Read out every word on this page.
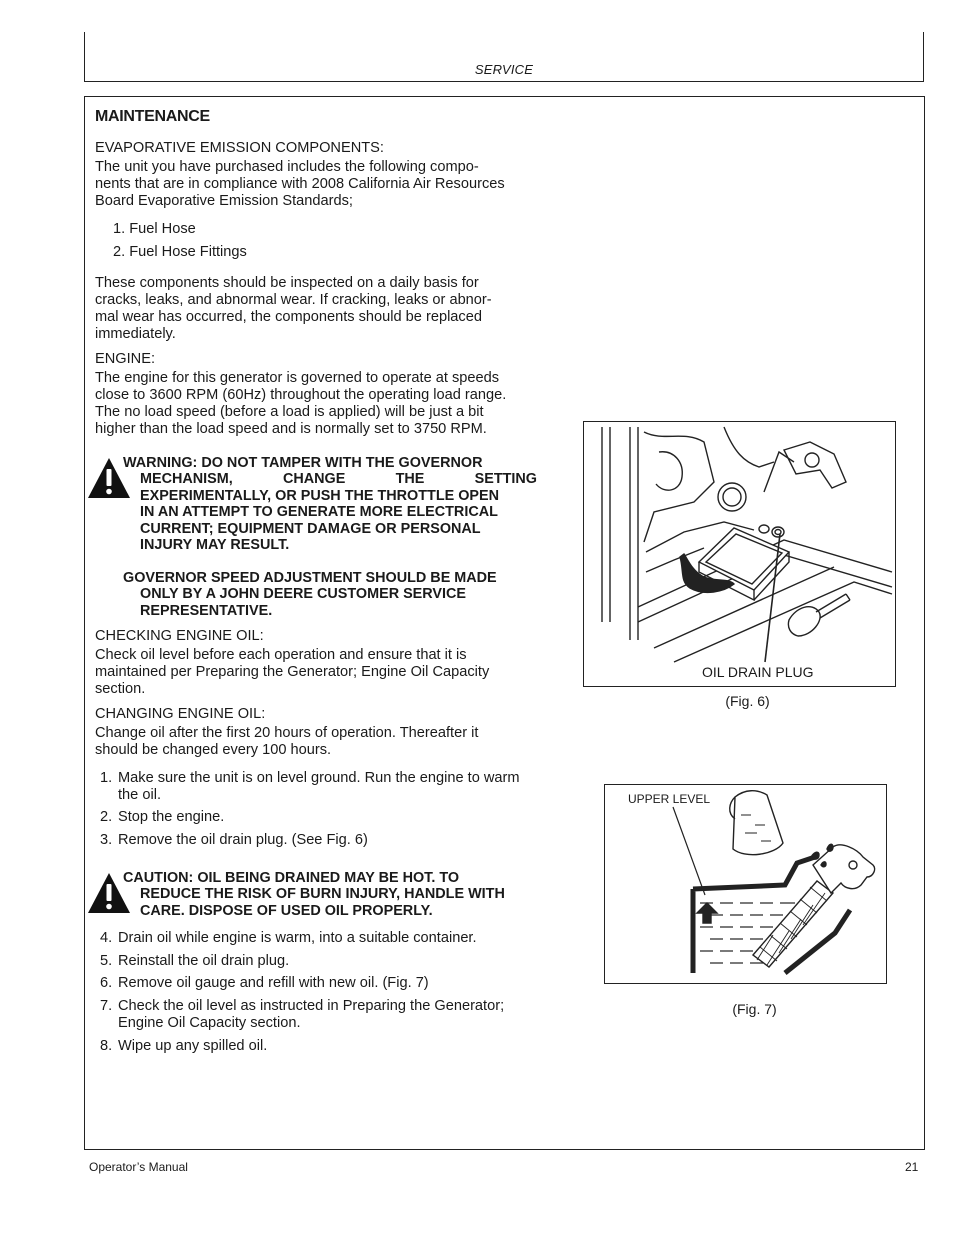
SERVICE
MAINTENANCE

EVAPORATIVE EMISSION COMPONENTS:

The unit you have purchased includes the following compo-
nents that are in compliance with 2008 California Air Resources
Board Evaporative Emission Standards;

1. Fuel Hose
2. Fuel Hose Fittings
These components should be inspected on a daily basis for
cracks, leaks, and abnormal wear. If cracking, leaks or abnor-
mal wear has occurred, the components should be replaced
immediately.

ENGINE:

The engine for this generator is governed to operate at speeds
close to 3600 RPM (60Hz) throughout the operating load range.
The no load speed (before a load is applied) will be just a bit
higher than the load speed and is normally set to 3750 RPM.
WARNING: DO NOT TAMPER WITH THE GOVERNOR
MECHANISM, CHANGE THE SETTING
EXPERIMENTALLY, OR PUSH THE THROTTLE OPEN
IN AN ATTEMPT TO GENERATE MORE ELECTRICAL
CURRENT; EQUIPMENT DAMAGE OR PERSONAL
INJURY MAY RESULT.
GOVERNOR SPEED ADJUSTMENT SHOULD BE MADE
ONLY BY A JOHN DEERE CUSTOMER SERVICE
REPRESENTATIVE.

CHECKING ENGINE OIL:

Check oil level before each operation and ensure that it is
maintained per Preparing the Generator; Engine Oil Capacity
section.

CHANGING ENGINE OIL:

Change oil after the first 20 hours of operation. Thereafter it
should be changed every 100 hours.
1. Make sure the unit is on level ground. Run the engine to warm
the oil.
2. Stop the engine.
3. Remove the oil drain plug. (See Fig. 6)
CAUTION: OIL BEING DRAINED MAY BE HOT. TO
REDUCE THE RISK OF BURN INJURY, HANDLE WITH
CARE. DISPOSE OF USED OIL PROPERLY.
4. Drain oil while engine is warm, into a suitable container.
5. Reinstall the oil drain plug.
6. Remove oil gauge and refill with new oil. (Fig. 7)
7. Check the oil level as instructed in Preparing the Generator;
Engine Oil Capacity section.
8. Wipe up any spilled oil.
OIL DRAIN PLUG
(Fig. 6)
UPPER LEVEL
(Fig. 7)
Operator’s Manual	21
